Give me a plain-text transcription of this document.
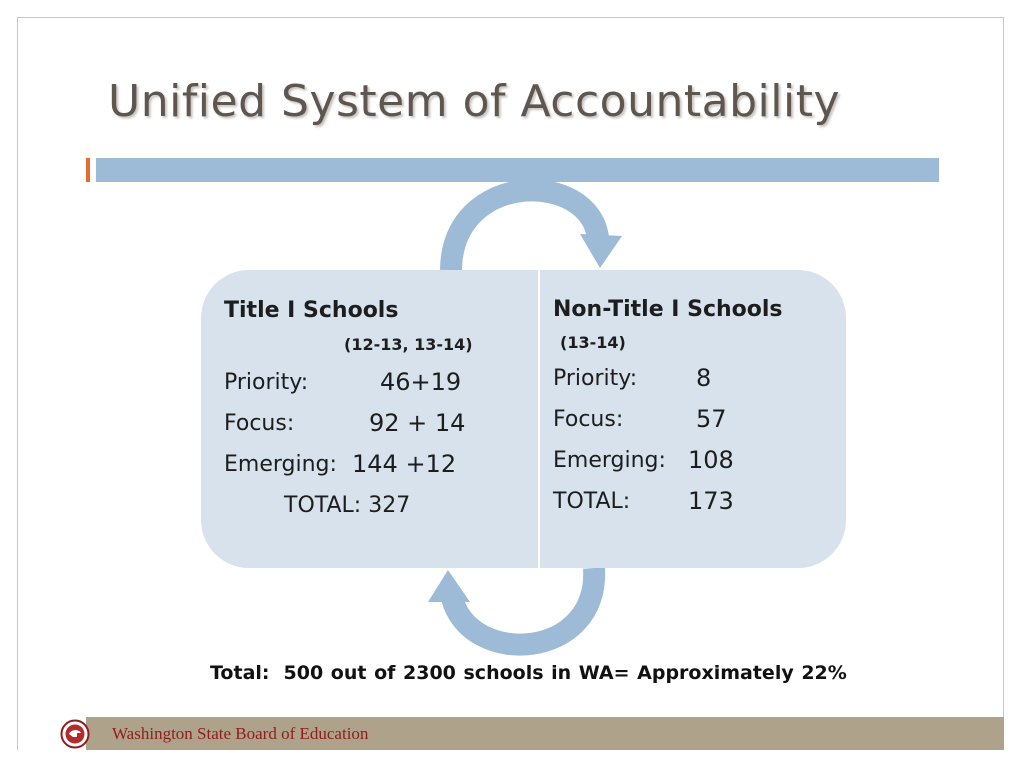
Unified System of Accountability
Title I Schools
(12-13, 13-14)
Priority:	46+19
Focus:	92 + 14
Emerging: 144 +12
TOTAL: 327
Non-Title I Schools
(13-14)
Priority: 8
Focus:	57
Emerging: 108
TOTAL: 173
Total: 500 out of 2300 schools in WA= Approximately 22%
Washington State Board of Education
